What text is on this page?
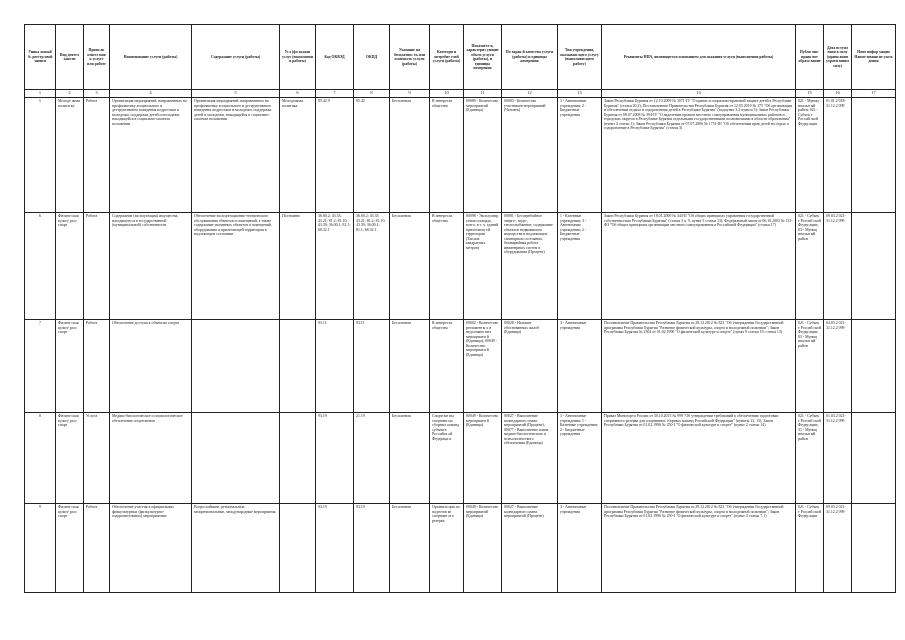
Уника льный № реестр овой записи	Вид деятел ьности	Призн ак отнесе ния к услуге или работе	Наименование услуги (работы)	Содержание услуги (работы)	Усл (фо оказан услуг (выполнени я работы)	Код ОКВЭД	ОКПД	Указание на бесплатнос ть или платность услуги (работы)	Категори и потребит елей услуги (работы)	Показател и, характериз ующие объем услуги (работы), и единицы измерения	По харак й качества услуги (работы) и единицы измерения	Тип учреждения, оказываю щего услугу (выполняю щего работу)	Реквизиты НПА, являющегося основанием для оказания услуги (выполнения работы)	Публи чно- право вое образо вание	Дата вступл ения в силу (призн ания утрати вшим силу)	Номе инфор мацио Наиме ювани не ужеж дения
1	2	3	4	5	6	7	8	9	10	11	12	13	14	15	16	17
5	Молоде жная полити ка	Работа	Организация мероприятий, направленных на профилактику асоциального и деструктивного поведения подростков и молодежи, поддержка детей и молодежи, находящейся в социально-опасном положении	Организация мероприятий, направленных на профилактику асоциального и деструктивного поведения подростков и молодежи, поддержка детей и молодежи, находящейся в социально-опасном положении	Молодежная политика	85.42.9	85.42	Бесплатная	В интересах общества	00089 - Количество мероприятий (Единица)	00083 - Количество участников мероприятий (Человек)	3 - Автономные учреждения; 2 - Бюджетные учреждения	Закон Республики Бурятия от 12.10.2009 № 3071-IV "О правах и социально-правовой защите детей в Республике Бурятия" (статья 20.2); Постановление Правительства Республики Бурятия от 12.05.2010 № 175 "Об организации и обеспечении отдыха и оздоровления детей в Республике Бурятия" (подпункт 3.2 пункта 3); Закон Республики Бурятия от 08.07.2008 № 394-IV "О наделении органов местного самоуправления муниципальных районов и городских округов в Республике Бурятия отдельными государственными полномочиями в области образования" (пункт 4 статьи 1); Закон Республики Бурятия от 07.07.2006 № 1751-III "Об обеспечении прав детей на отдых и оздоровление в Республике Бурятия" (статья 3)	021 - Муниц ипальн ый район; 021 - Субъек т Россий ской Федер ации	01.01.2 018- 31.12.2 099	
6	Физиче ская культу ра и спорт	Работа	Содержание (эксплуатация) имущества, находящегося в государственной (муниципальной) собственности	Обеспечение эксплуатационно-технического обслуживания объектов и помещений, а также содержание указанных объектов и помещений, оборудования и прилегающей территории в надлежащем состоянии	Постоянно	36.00.2; 43.33; 43.21; 81.2; 81.10; 43.39; 36.00.1; 81.1; 68.32.1	36.00.2; 43.33; 43.21; 81.2; 81.10; 43.39; 36.00.1; 81.1; 68.32.1	Бесплатная	В интересах общества	00098 - Эксплуатир уемая площадь, всего, в т. ч. зданий прилегающ ей территории (Тысяча квадратных метров)	00081 - Бесперебойное энерго-, водо-, теплоснабжение; содержание объектов недвижимого имущества в надлежащем санитарном состоянии; безаварийная работа инженерных систем и оборудования (Процент)	1 - Казенные учреждения; 3 - Автономные учреждения; 2 - Бюджетные учреждения	Закон Республики Бурятия от 18.01.2000 № 343-II "Об общих принципах управления государственной собственностью Республики Бурятия" (статья 3 п. 5, пункт 5 статьи 13); Федеральный закон от 06.10.2003 № 131-ФЗ "Об общих принципах организации местного самоуправления в Российской Федерации" (статья 17)	021 - Субъек т Россий ской Федер ации; 03 - Муниц ипальн ый район	09.03.2 021- 31.12.2 099	
7	Физиче ская культу ра и спорт	Работа	Обеспечение доступа к объектам спорта			93.11	93.11	Бесплатная	В интересах общества	00002 - Количество регламенты х в недосняюч них мероприяти й (Единица); 00049 - Количество мероприяти й (Единица)	00028 - Наличие обоснованных жалоб (Единица)	3 - Автономные учреждения	Постановление Правительства Республики Бурятия от 28.12.2012 № 823 "Об утверждении Государственной программы Республики Бурятия "Развитие физической культуры, спорта и молодежной политики"; Закон Республики Бурятия № 2504 от 01.02.1996 "О физической культуре и спорте" (пункт 9 статьи 19, статья 13)	021 - Субъек т Россий ской Федер ации; 03 - Муниц ипальн ый район	04.03.2 021- 31.12.2 099	
8	Физиче ская культу ра и спорт	Услуга	Медико-биологическое и психологическое обеспечение спортсменов			93.19	21.19	Бесплатная	Спортсме ны спортивн ых сборных команд субъекта Российск ой Федераци и	00049 - Количество мероприяти й (Единица)	00027 - Выполнение календарного плана мероприятий (Процент); 00077 - Выполнение плана медико-биологического и психологического обеспечения (Единица)	3 - Автономные учреждения; 1 - Казенные учреждения; 2 - Бюджетные учреждения	Приказ Минспорта России от 30.10.2015 № 999 "Об утверждении требований к обеспечению подготовки спортивного резерва для спортивных сборных команд Российской Федерации" (пункты 13, 15); Закон Республики Бурятия от 01.02.1996 № 250-I "О физической культуре и спорте" (пункт 2 статьи 14)	021 - Субъек т Россий ской Федер ации; 31 - Муниц ипальн ый район	01.03.2 021- 31.12.2 099	
9	Физиче ская культу ра и спорт	Работа	Обеспечение участия в официальных физкультурных (физкультурно-оздоровительных) мероприятиях	Всероссийские, региональные, межрегиональные, международные мероприятия		93.19	93.19	Бесплатная	Организа ции по подготов ке спортивн ого резерва	00049 - Количество мероприятий (Единица)	00027 - Выполнение календарного плана мероприятий (Процент)	3 - Автономные учреждения	Постановление Правительства Республики Бурятия от 29.12.2012 № 823 "Об утверждении Государственной программы Республики Бурятия "Развитие физической культуры, спорта и молодежной политики"; Закон Республики Бурятия от 01.02.1996 № 250-I "О физической культуре и спорте" (пункт 4 статьи 7.1)	021 - Субъек т Россий ской Федер ации	09.03.2 021- 31.12.2 099	
